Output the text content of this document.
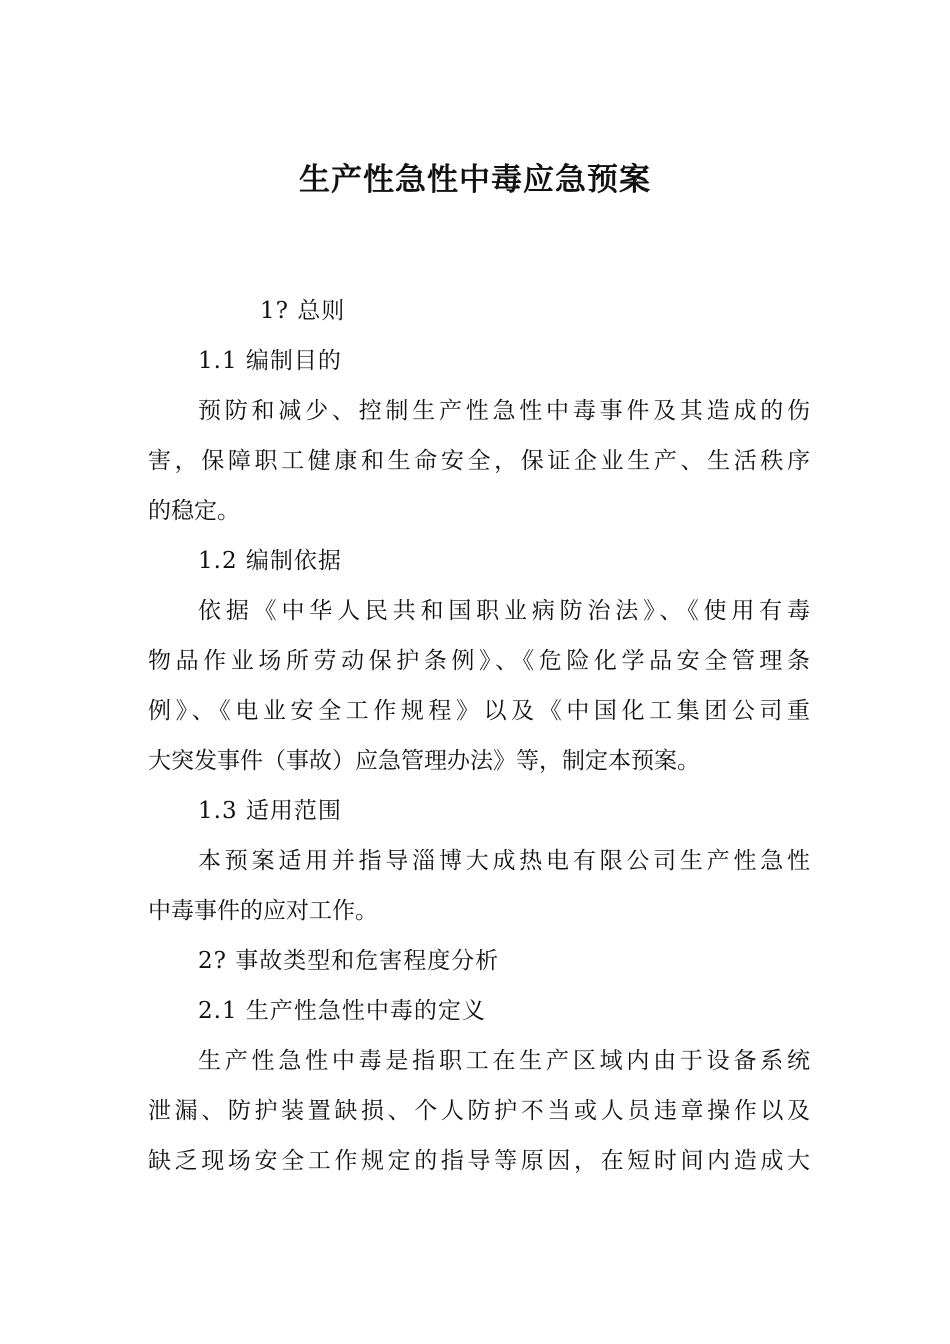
生产性急性中毒应急预案
1? 总则
1.1 编制目的
预防和减少、控制生产性急性中毒事件及其造成的伤
害，保障职工健康和生命安全，保证企业生产、生活秩序
的稳定。
1.2 编制依据
依据《中华人民共和国职业病防治法》、《使用有毒
物品作业场所劳动保护条例》、《危险化学品安全管理条
例》、《电业安全工作规程》以及《中国化工集团公司重
大突发事件（事故）应急管理办法》等，制定本预案。
1.3 适用范围
本预案适用并指导淄博大成热电有限公司生产性急性
中毒事件的应对工作。
2? 事故类型和危害程度分析
2.1 生产性急性中毒的定义
生产性急性中毒是指职工在生产区域内由于设备系统
泄漏、防护装置缺损、个人防护不当或人员违章操作以及
缺乏现场安全工作规定的指导等原因，在短时间内造成大
